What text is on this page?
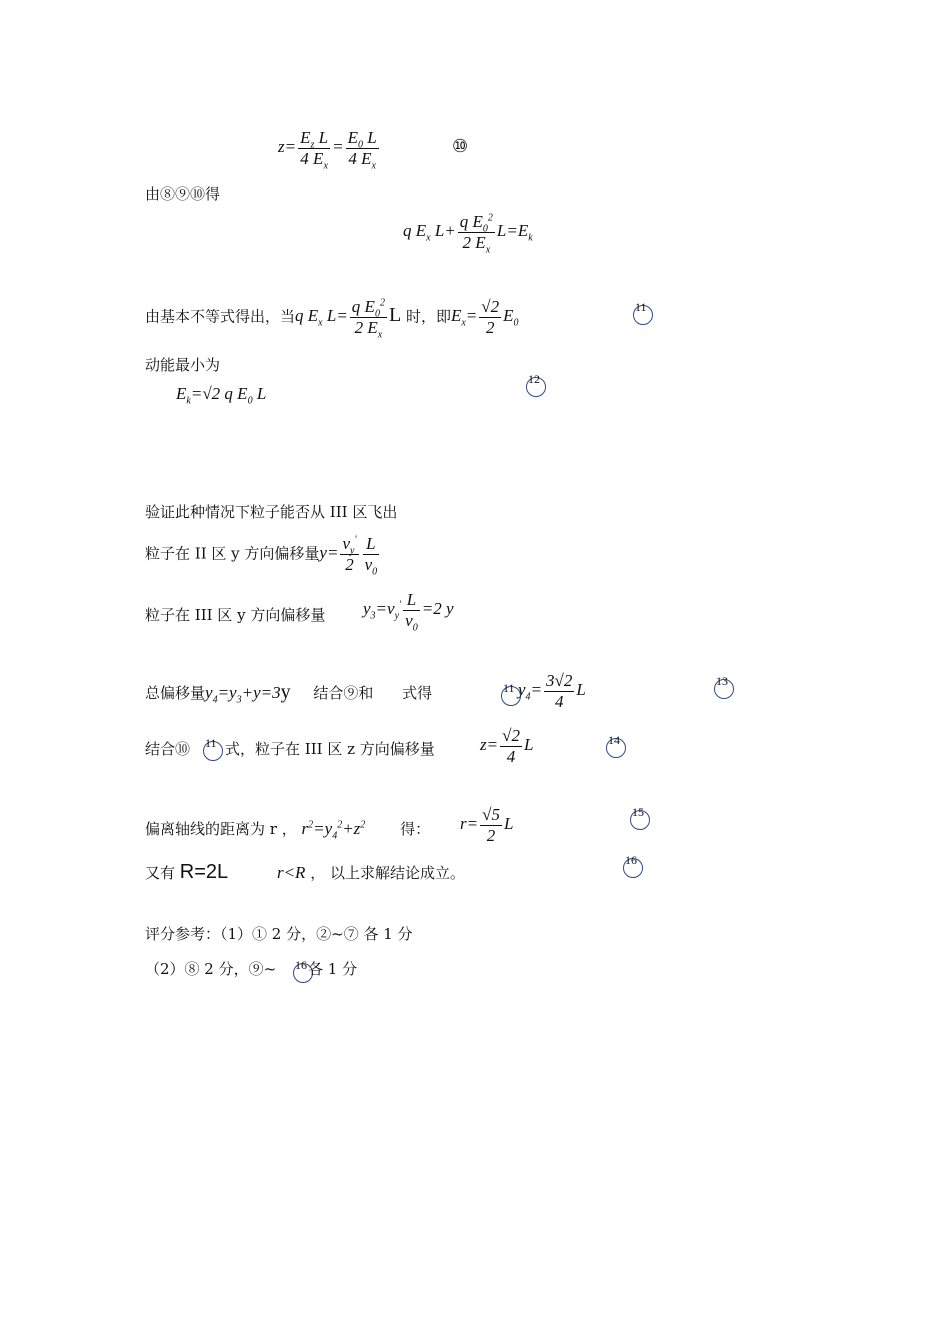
$z= \frac{E_z L}{4 E_x} = \frac{E_0 L}{4 E_x}$	⑩
由⑧⑨⑩得
q $E_x$ $L+ \frac{q E_0^2}{2 E_x} L=E_k$
由基本不等式得出，当q $E_x$ $L= \frac{q E_0^2}{2 E_x}$ L 时，即$E_x= \frac{√2}{2} E_0$
11
动能最小为
$E_k=√2$ q $E_0$ L
12
验证此种情况下粒子能否从 III 区飞出
粒子在 II 区 y 方向偏移量$y= \frac{v_y'}{2} \frac{L}{v_0}$
粒子在 III 区 y 方向偏移量 $y_3=v_y' \frac{L}{v_0} =2$ y
总偏移量$y_4=y_3+y=3y$ 结合⑨和 式得	11 $y_4= \frac{3√2}{4}$ L	13
结合⑩ 11 式，粒子在 III 区 z 方向偏移量	$z= \frac{√2}{4}$ L	14
偏离轴线的距离为 r ， $r^2=y_4^2+z^2$ 得： $r= \frac{√5}{2}$ L
15
又有 R=2L	r<R ， 以上求解结论成立。
16
评分参考：（1）① 2 分，②~⑦ 各 1 分
（2）⑧ 2 分，⑨~ 16 各 1 分
